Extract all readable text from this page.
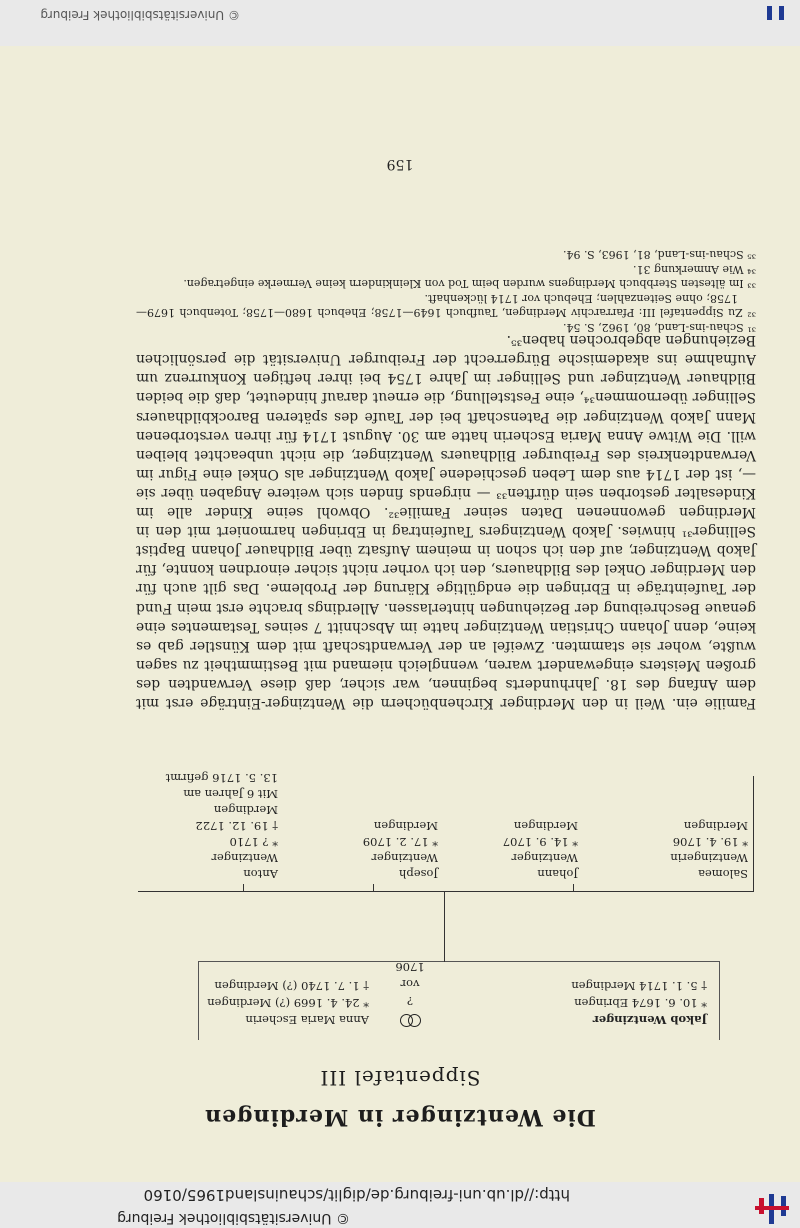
http://dl.ub.uni-freiburg.de/diglit/schauinsland1965/0160
© Universitätsbibliothek Freiburg
Die Wentzinger in Merdingen
Sippentafel III
Jakob Wentzinger
* 10. 6. 1674 Ebringen
† 5. 1. 1714 Merdingen
?
vor
1706
Anna Maria Escherin
* 24. 4. 1669 (?) Merdingen
† 1. 7. 1740 (?) Merdingen
Salomea
Wentzingerin
* 19. 4. 1706
Merdingen
Johann
Wentzinger
* 14. 9. 1707
Merdingen
Joseph
Wentzinger
* 17. 2. 1709
Merdingen
Anton
Wentzinger
* ? 1710
† 19. 12. 1722
Merdingen
Mit 6 Jahren am
13. 5. 1716 gefirmt

Familie ein. Weil in den Merdinger Kirchenbüchern die Wentzinger-Einträge erst mit dem Anfang des 18. Jahrhunderts beginnen, war sicher, daß diese Verwandten des großen Meisters eingewandert waren, wenngleich niemand mit Bestimmtheit zu sagen wußte, woher sie stammten. Zweifel an der Verwandtschaft mit dem Künstler gab es keine, denn Johann Christian Wentzinger hatte im Abschnitt 7 seines Testamentes eine genaue Beschreibung der Beziehungen hinterlassen. Allerdings brachte erst mein Fund der Taufeinträge in Ebringen die endgültige Klärung der Probleme. Das gilt auch für den Merdinger Onkel des Bildhauers, den ich vorher nicht sicher einordnen konnte, für Jakob Wentzinger, auf den ich schon in meinem Aufsatz über Bildhauer Johann Baptist Sellinger³¹ hinwies. Jakob Wentzingers Taufeintrag in Ebringen harmoniert mit den in Merdingen gewonnenen Daten seiner Familie³². Obwohl seine Kinder alle im Kindesalter gestorben sein dürften³³ — nirgends finden sich weitere Angaben über sie —, ist der 1714 aus dem Leben geschiedene Jakob Wentzinger als Onkel eine Figur im Verwandtenkreis des Freiburger Bildhauers Wentzinger, die nicht unbeachtet bleiben will. Die Witwe Anna Maria Escherin hatte am 30. August 1714 für ihren verstorbenen Mann Jakob Wentzinger die Patenschaft bei der Taufe des späteren Barockbildhauers Sellinger übernommen³⁴, eine Feststellung, die erneut darauf hindeutet, daß die beiden Bildhauer Wentzinger und Sellinger im Jahre 1754 bei ihrer heftigen Konkurrenz um Aufnahme ins akademische Bürgerrecht der Freiburger Universität die persönlichen Beziehungen abgebrochen haben³⁵.

³¹ Schau-ins-Land, 80, 1962, S. 54.
³² Zu Sippentafel III: Pfarrarchiv Merdingen, Taufbuch 1649—1758; Ehebuch 1680—1758; Totenbuch 1679—1758; ohne Seitenzahlen; Ehebuch vor 1714 lückenhaft.
³³ Im ältesten Sterbbuch Merdingens wurden beim Tod von Kleinkindern keine Vermerke eingetragen.
³⁴ Wie Anmerkung 31.
³⁵ Schau-ins-Land, 81, 1963, S. 94.
159
© Universitätsbibliothek Freiburg
